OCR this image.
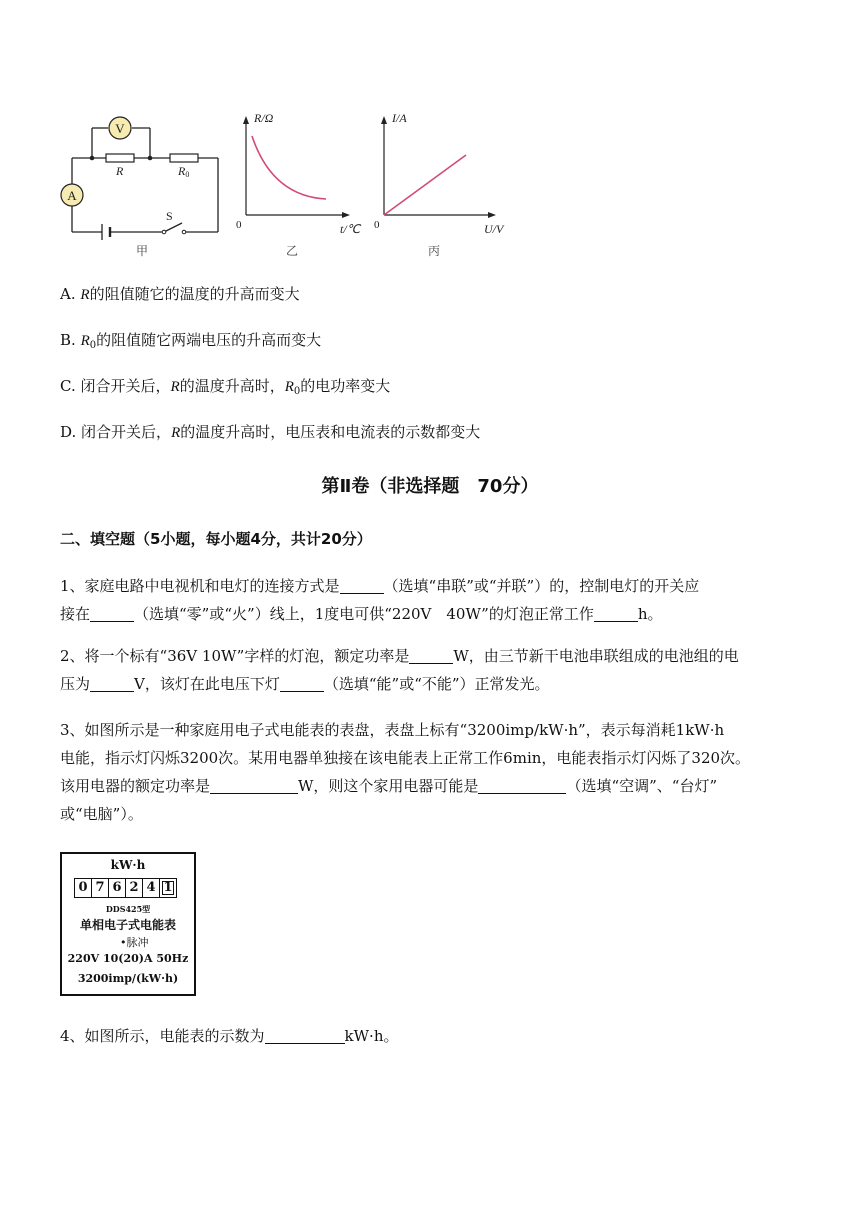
V
A
R	R0
S
甲
R/Ω
0	t/℃
乙
I/A
0	U/V
丙
A. R的阻值随它的温度的升高而变大
B. $R_0$的阻值随它两端电压的升高而变大
C. 闭合开关后，R的温度升高时，$R_0$的电功率变大
D. 闭合开关后，R的温度升高时，电压表和电流表的示数都变大
第Ⅱ卷（非选择题　70分）
二、填空题（5小题，每小题4分，共计20分）
1、家庭电路中电视机和电灯的连接方式是	（选填“串联”或“并联”）的，控制电灯的开关应
接在	（选填“零”或“火”）线上，1度电可供“220V　40W”的灯泡正常工作	h。
2、将一个标有“36V 10W”字样的灯泡，额定功率是	W，由三节新干电池串联组成的电池组的电
压为	V，该灯在此电压下灯	（选填“能”或“不能”）正常发光。
3、如图所示是一种家庭用电子式电能表的表盘，表盘上标有“3200imp/kW·h”，表示每消耗1kW·h
电能，指示灯闪烁3200次。某用电器单独接在该电能表上正常工作6min，电能表指示灯闪烁了320次。
该用电器的额定功率是	W，则这个家用电器可能是	（选填“空调”、“台灯”
或“电脑”）。
kW·h
0 7 6 2 4 1
DDS425型
单相电子式电能表
•脉冲
220V 10(20)A 50Hz
3200imp/(kW·h)
4、如图所示，电能表的示数为	kW·h。
